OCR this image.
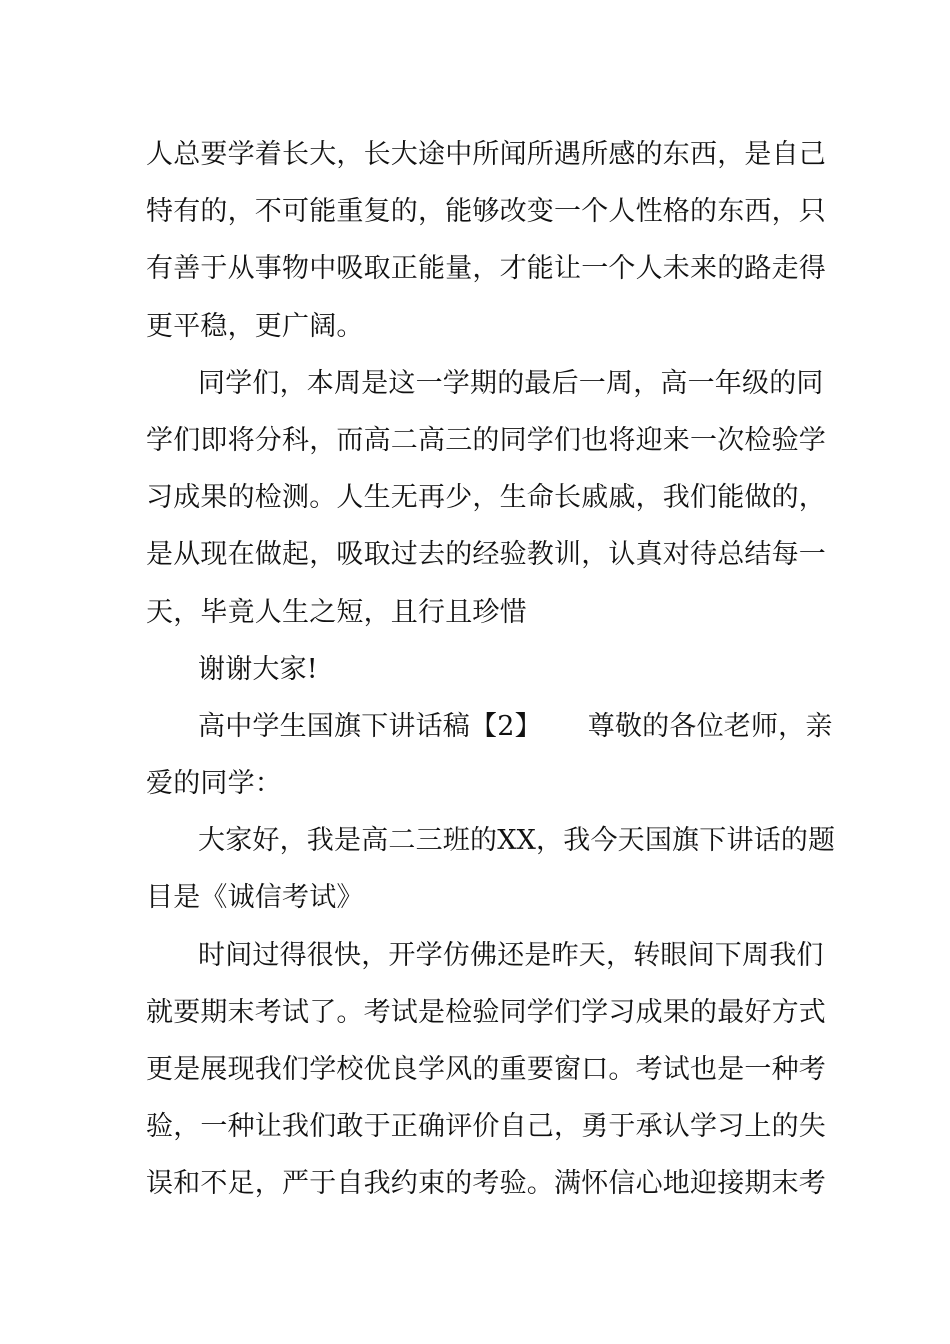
人总要学着长大，长大途中所闻所遇所感的东西，是自己
特有的，不可能重复的，能够改变一个人性格的东西，只
有善于从事物中吸取正能量，才能让一个人未来的路走得
更平稳，更广阔。
同学们，本周是这一学期的最后一周，高一年级的同
学们即将分科，而高二高三的同学们也将迎来一次检验学
习成果的检测。人生无再少，生命长戚戚，我们能做的，
是从现在做起，吸取过去的经验教训，认真对待总结每一
天，毕竟人生之短，且行且珍惜
谢谢大家!
高中学生国旗下讲话稿【2】 尊敬的各位老师，亲
爱的同学：
大家好，我是高二三班的XX，我今天国旗下讲话的题
目是《诚信考试》
时间过得很快，开学仿佛还是昨天，转眼间下周我们
就要期末考试了。考试是检验同学们学习成果的最好方式
更是展现我们学校优良学风的重要窗口。考试也是一种考
验，一种让我们敢于正确评价自己，勇于承认学习上的失
误和不足，严于自我约束的考验。满怀信心地迎接期末考
